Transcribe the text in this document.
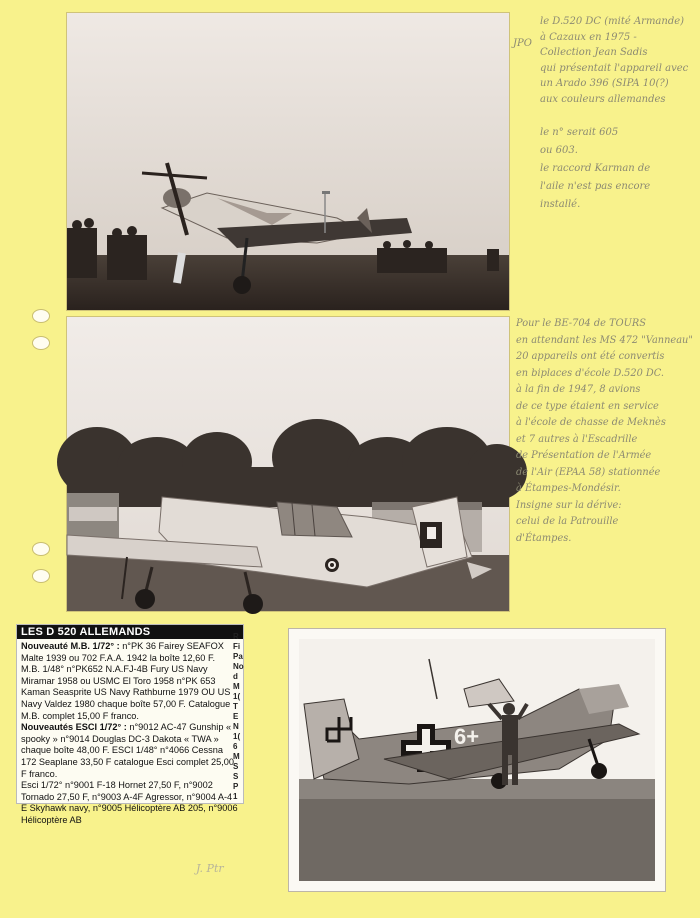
6+
le D.520 DC (mité Armande)
à Cazaux en 1975 -
Collection Jean Sadis
qui présentait l'appareil avec
un Arado 396 (SIPA 10(?)
aux couleurs allemandes
JPO
le n° serait 605
ou 603.
le raccord Karman de
l'aile n'est pas encore
installé.
Pour le BE-704 de TOURS
en attendant les MS 472 "Vanneau"
20 appareils ont été convertis
en biplaces d'école D.520 DC.
à la fin de 1947, 8 avions
de ce type étaient en service
à l'école de chasse de Meknès
et 7 autres à l'Escadrille
de Présentation de l'Armée
de l'Air (EPAA 58) stationnée
à Étampes-Mondésir.
Insigne sur la dérive:
celui de la Patrouille
d'Étampes.
LES D 520 ALLEMANDS
Nouveauté M.B. 1/72° : n°PK 36 Fairey SEAFOX Malte 1939 ou 702 F.A.A. 1942 la boîte 12,60 F.
M.B. 1/48° n°PK652 N.A.FJ-4B Fury US Navy Miramar 1958 ou USMC El Toro 1958 n°PK 653 Kaman Seasprite US Navy Rathburne 1979 OU US Navy Valdez 1980 chaque boîte 57,00 F. Catalogue M.B. complet 15,00 F franco.
Nouveautés ESCI 1/72° : n°9012 AC-47 Gunship « spooky » n°9014 Douglas DC-3 Dakota « TWA » chaque boîte 48,00 F. ESCI 1/48° n°4066 Cessna 172 Seaplane 33,50 F catalogue Esci complet 25,00 F franco.
Esci 1/72° n°9001 F-18 Hornet 27,50 F, n°9002 Tornado 27,50 F, n°9003 A-4F Agressor, n°9004 A-4 E Skyhawk navy, n°9005 Hélicoptère AB 205, n°9006 Hélicoptère AB
R
Fi
Pa
No
d
M
1(
T
E
N
1(
6
M
S
S
P
1
J. Ptr
